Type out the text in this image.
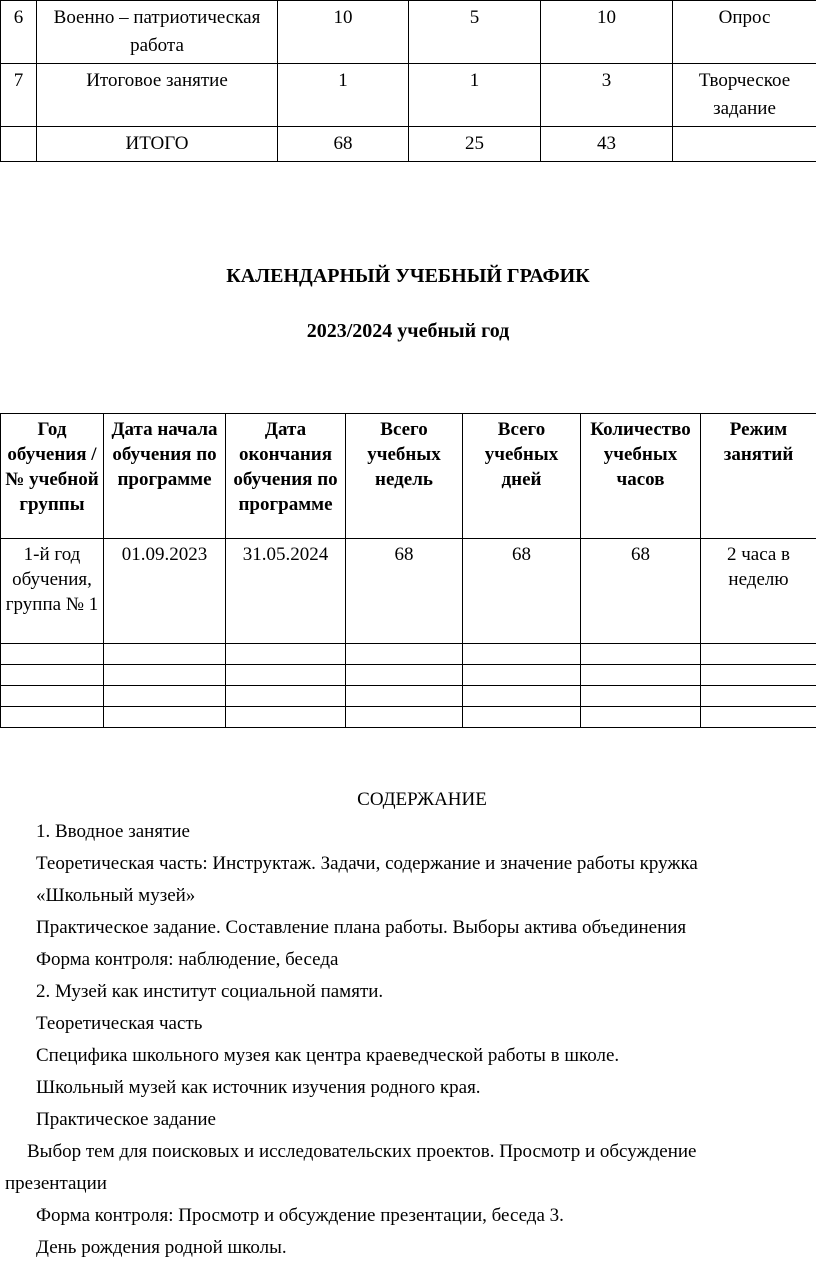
6	Военно – патриотическая работа	10	5	10	Опрос
7	Итоговое занятие	1	1	3	Творческое задание
	ИТОГО	68	25	43	
КАЛЕНДАРНЫЙ УЧЕБНЫЙ ГРАФИК
2023/2024 учебный год
Год обучения /№ учебной группы	Дата начала обучения по программе	Дата окончания обучения по программе	Всего учебных недель	Всего учебных дней	Количество учебных часов	Режим занятий
1-й год обучения, группа № 1	01.09.2023	31.05.2024	68	68	68	2 часа в неделю

СОДЕРЖАНИЕ
1. Вводное занятие
Теоретическая часть: Инструктаж. Задачи, содержание и значение работы кружка
«Школьный музей»
Практическое задание. Составление плана работы. Выборы актива объединения
Форма контроля: наблюдение, беседа
2. Музей как институт социальной памяти.
Теоретическая часть
Специфика школьного музея как центра краеведческой работы в школе.
Школьный музей как источник изучения родного края.
Практическое задание
Выбор тем для поисковых и исследовательских проектов. Просмотр и обсуждение
презентации
Форма контроля: Просмотр и обсуждение презентации, беседа 3.
День рождения родной школы.
